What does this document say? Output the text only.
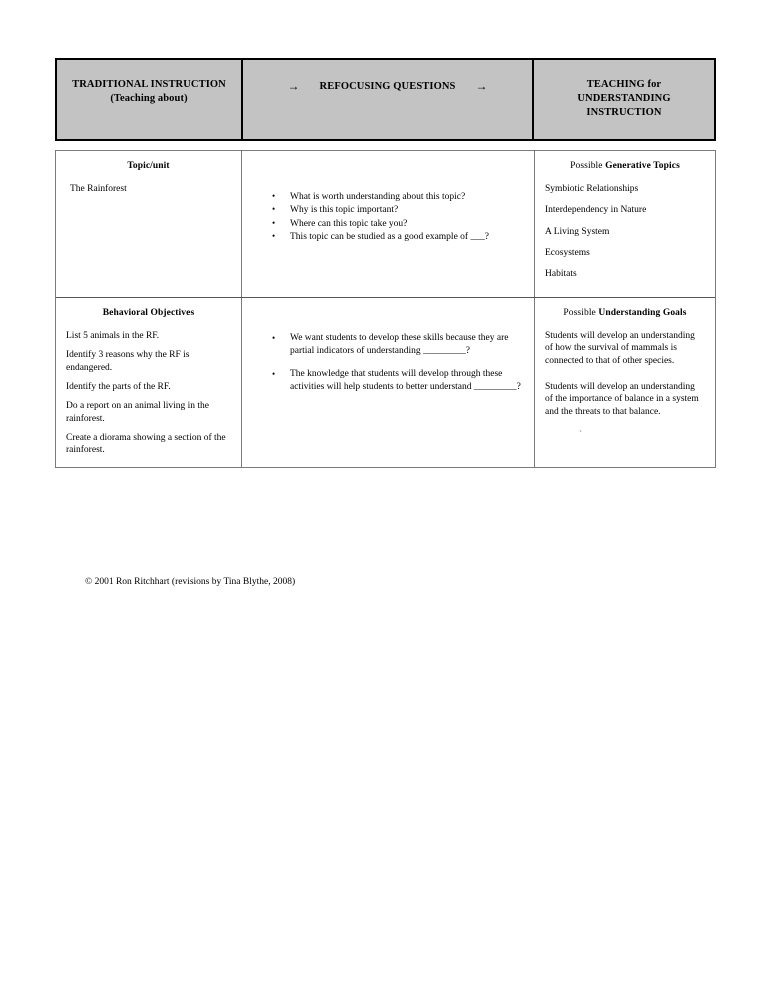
TRADITIONAL INSTRUCTION
(Teaching about)
→ REFOCUSING QUESTIONS →	TEACHING for
UNDERSTANDING
INSTRUCTION
Topic/unit
The Rainforest
• What is worth understanding about this topic?
• Why is this topic important?
• Where can this topic take you?
• This topic can be studied as a good example of ___?
Possible Generative Topics
Symbiotic Relationships
Interdependency in Nature
A Living System
Ecosystems
Habitats
Behavioral Objectives
List 5 animals in the RF.
Identify 3 reasons why the RF is endangered.
Identify the parts of the RF.
Do a report on an animal living in the rainforest.
Create a diorama showing a section of the rainforest.
• We want students to develop these skills because they are partial indicators of understanding _________?
• The knowledge that students will develop through these activities will help students to better understand _________?
Possible Understanding Goals

Students will develop an understanding of how the survival of mammals is connected to that of other species.

Students will develop an understanding of the importance of balance in a system and the threats to that balance.

`
© 2001 Ron Ritchhart (revisions by Tina Blythe, 2008)
